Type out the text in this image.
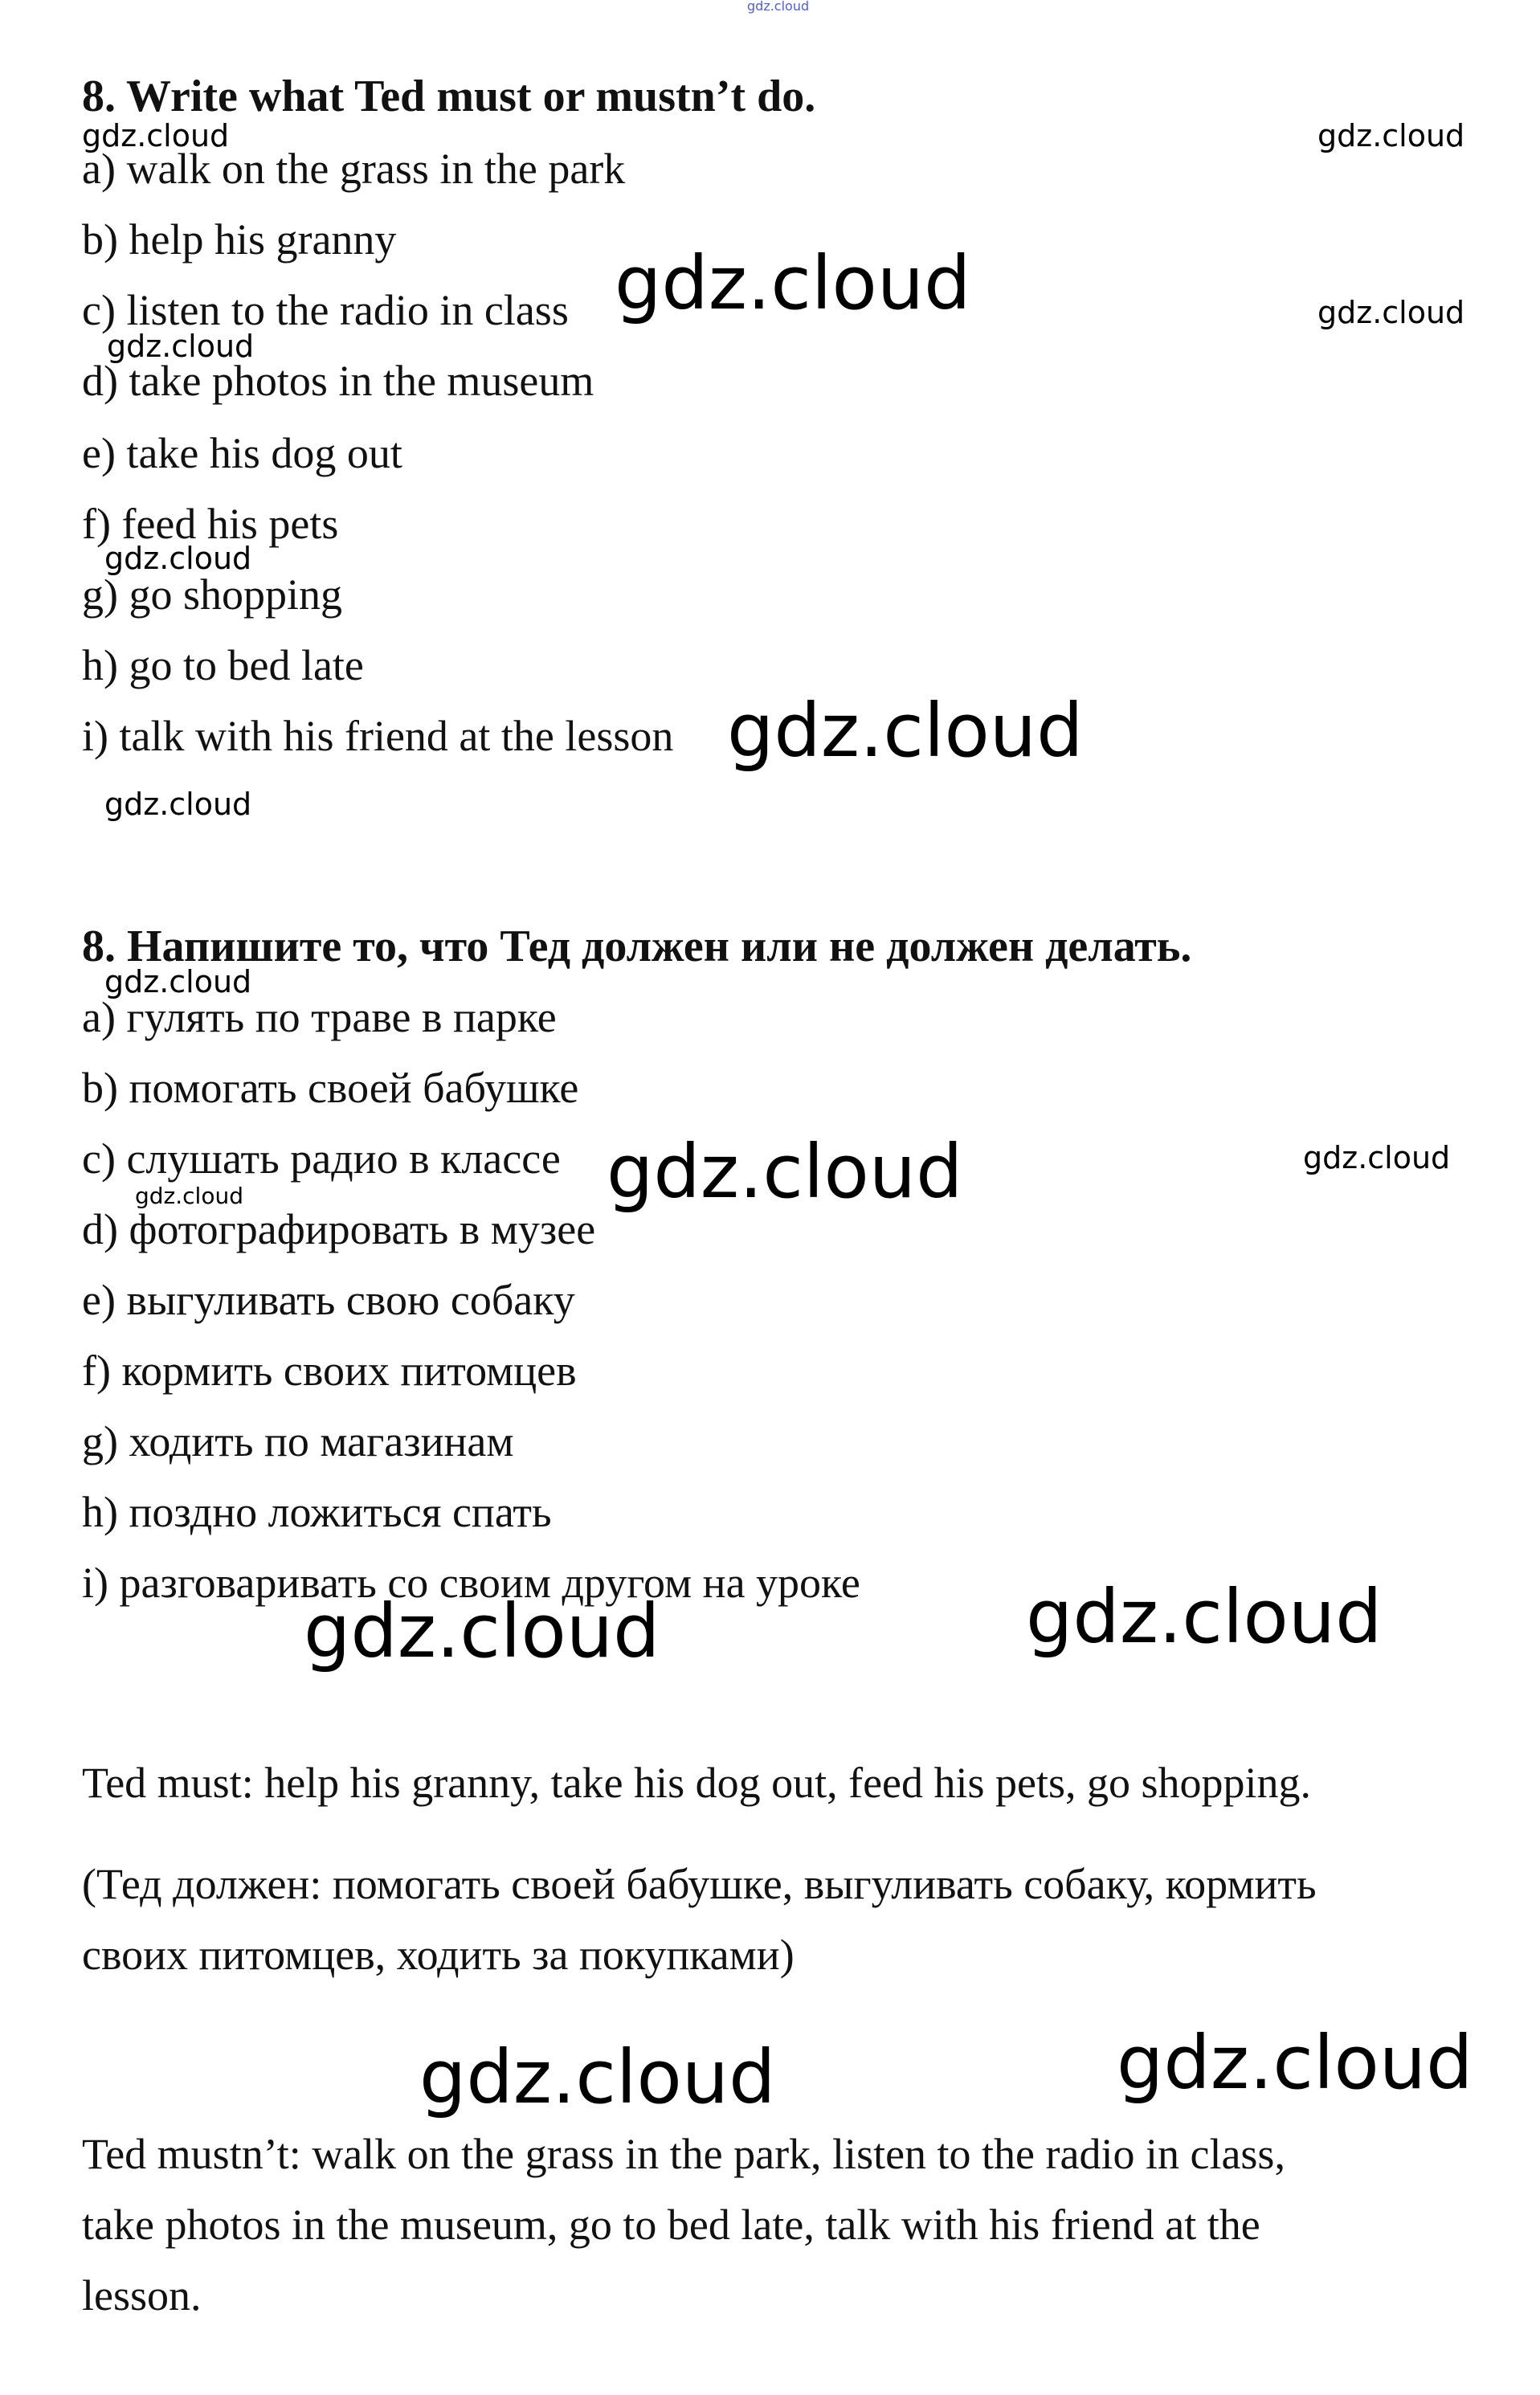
gdz.cloud
8. Write what Ted must or mustn’t do.
gdz.cloud	gdz.cloud
a) walk on the grass in the park
b) help his granny
c) listen to the radio in class gdz.cloud	gdz.cloud
gdz.cloud
d) take photos in the museum
e) take his dog out
f) feed his pets
gdz.cloud
g) go shopping
h) go to bed late
i) talk with his friend at the lesson gdz.cloud
gdz.cloud
8. Напишите то, что Тед должен или не должен делать.
gdz.cloud
a) гулять по траве в парке
b) помогать своей бабушке
c) слушать радио в классе gdz.cloud	gdz.cloud
gdz.cloud
d) фотографировать в музее
e) выгуливать свою собаку
f) кормить своих питомцев
g) ходить по магазинам
h) поздно ложиться спать
i) разговаривать со своим другом на уроке
gdz.cloud	gdz.cloud
Ted must: help his granny, take his dog out, feed his pets, go shopping.
(Тед должен: помогать своей бабушке, выгуливать собаку, кормить
своих питомцев, ходить за покупками)
gdz.cloud	gdz.cloud
Ted mustn’t: walk on the grass in the park, listen to the radio in class,
take photos in the museum, go to bed late, talk with his friend at the
lesson.
